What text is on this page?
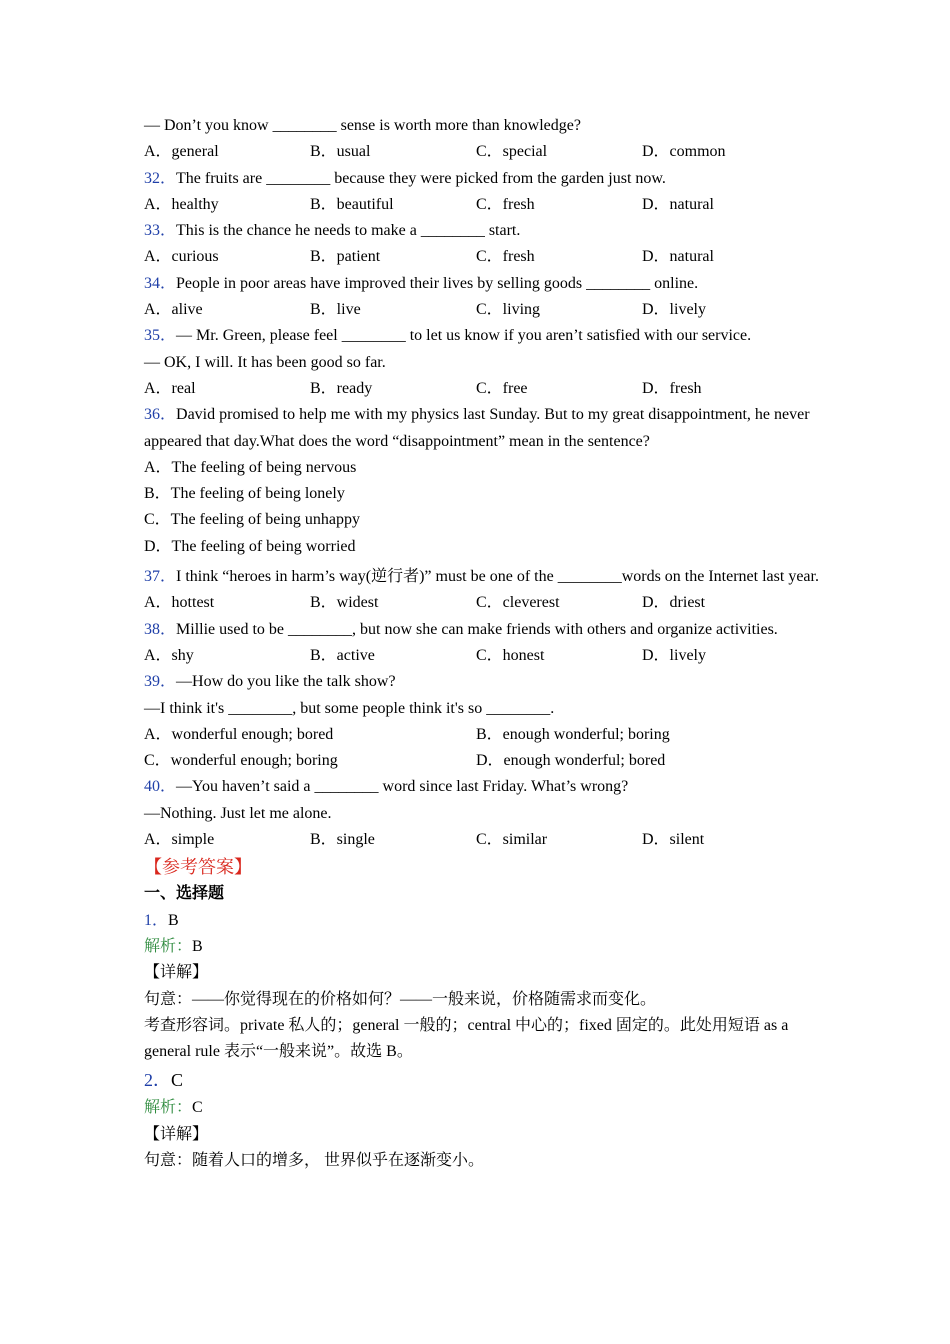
— Don’t you know ________ sense is worth more than knowledge?
A．general	B．usual	C．special	D．common
32．The fruits are ________ because they were picked from the garden just now.
A．healthy	B．beautiful	C．fresh	D．natural
33．This is the chance he needs to make a ________ start.
A．curious	B．patient	C．fresh	D．natural
34．People in poor areas have improved their lives by selling goods ________ online.
A．alive	B．live	C．living	D．lively
35．— Mr. Green, please feel ________ to let us know if you aren’t satisfied with our service.
— OK, I will. It has been good so far.
A．real	B．ready	C．free	D．fresh
36．David promised to help me with my physics last Sunday. But to my great disappointment, he never appeared that day.What does the word “disappointment” mean in the sentence?
A．The feeling of being nervous
B．The feeling of being lonely
C．The feeling of being unhappy
D．The feeling of being worried
37．I think “heroes in harm’s way(逆行者)” must be one of the ________words on the Internet last year.
A．hottest	B．widest	C．cleverest	D．driest
38．Millie used to be ________, but now she can make friends with others and organize activities.
A．shy	B．active	C．honest	D．lively
39．—How do you like the talk show?
—I think it's ________, but some people think it's so ________.
A．wonderful enough; bored	B．enough wonderful; boring
C．wonderful enough; boring	D．enough wonderful; bored
40．—You haven’t said a ________ word since last Friday. What’s wrong?
—Nothing. Just let me alone.
A．simple	B．single	C．similar	D．silent
【参考答案】
一、选择题
1．B
解析：B
【详解】
句意：——你觉得现在的价格如何？——一般来说，价格随需求而变化。
考查形容词。private 私人的；general 一般的；central 中心的；fixed 固定的。此处用短语 as a general rule 表示“一般来说”。故选 B。
2．C
解析：C
【详解】
句意：随着人口的增多， 世界似乎在逐渐变小。
